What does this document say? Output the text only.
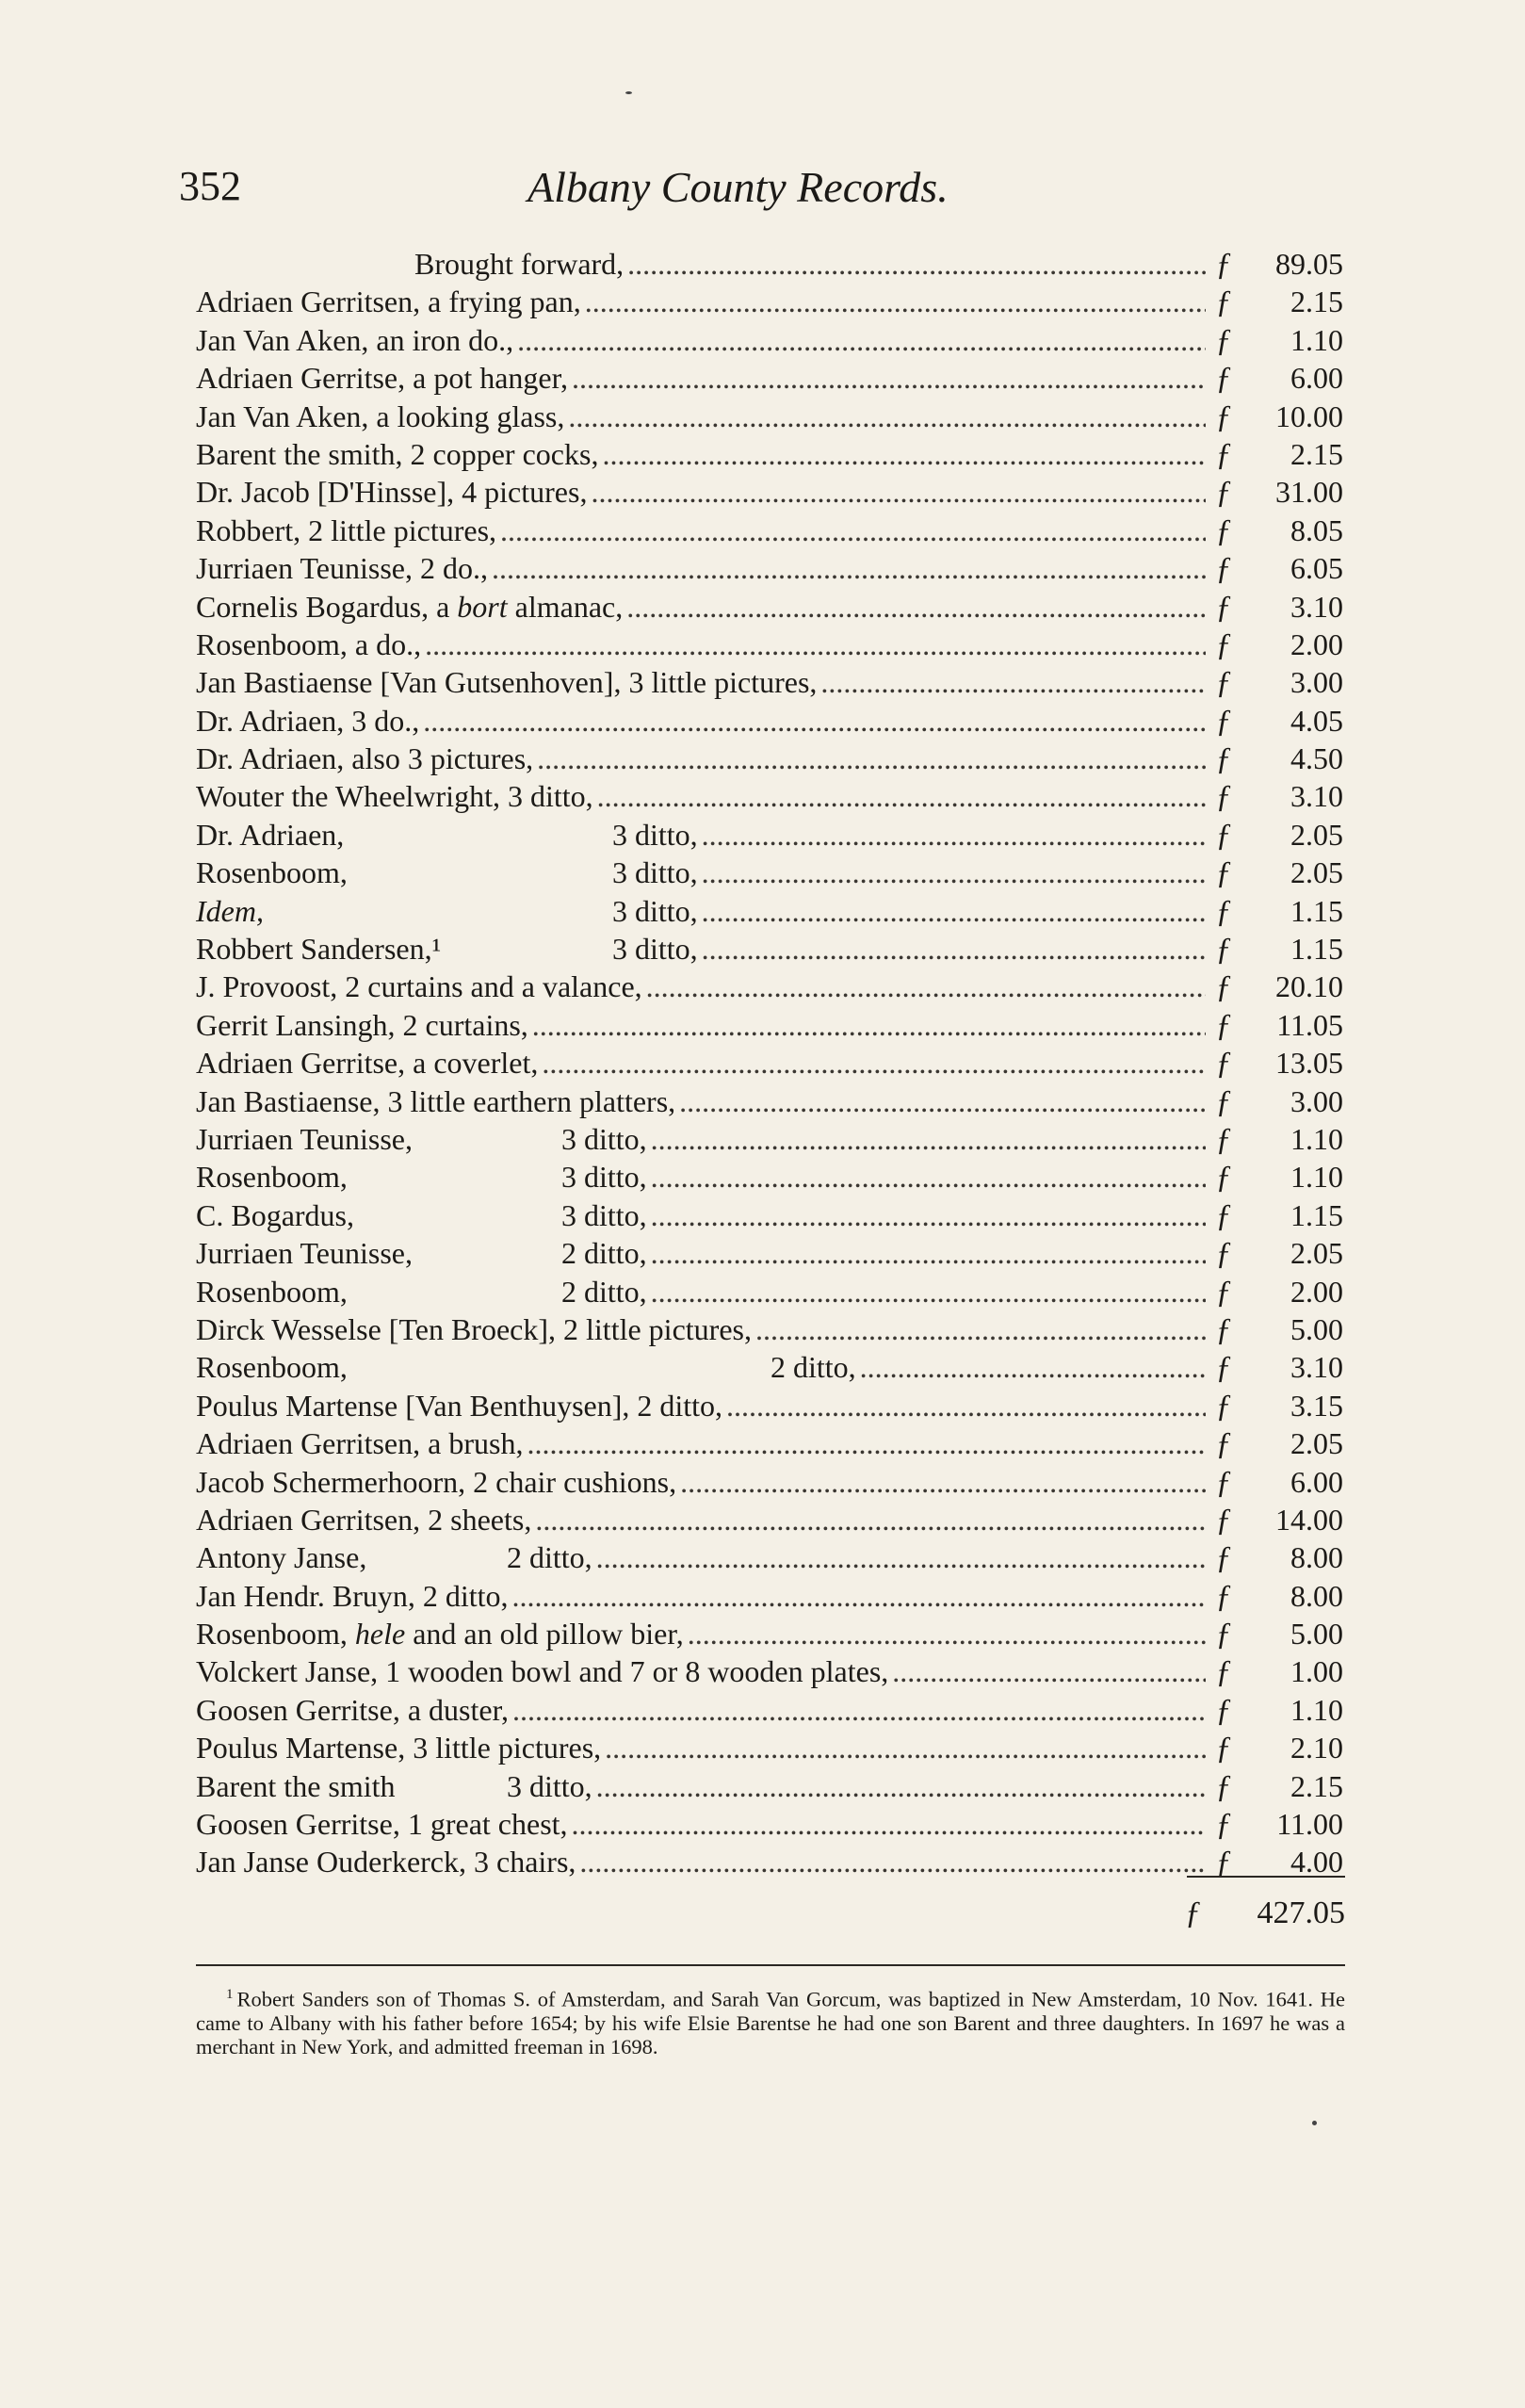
352	Albany County Records.
Brought forward, . . .	ƒ	89.05
Adriaen Gerritsen, a frying pan, . . .	ƒ	2.15
Jan Van Aken, an iron do., . . .	ƒ	1.10
Adriaen Gerritse, a pot hanger, . . .	ƒ	6.00
Jan Van Aken, a looking glass, . . .	ƒ	10.00
Barent the smith, 2 copper cocks, . . .	ƒ	2.15
Dr. Jacob [D'Hinsse], 4 pictures, . . .	ƒ	31.00
Robbert, 2 little pictures, . . .	ƒ	8.05
Jurriaen Teunisse, 2 do., . . .	ƒ	6.05
Cornelis Bogardus, a bort almanac, . . .	ƒ	3.10
Rosenboom, a do., . . .	ƒ	2.00
Jan Bastiaense [Van Gutsenhoven], 3 little pictures, . . .	ƒ	3.00
Dr. Adriaen, 3 do., . . .	ƒ	4.05
Dr. Adriaen, also 3 pictures, . . .	ƒ	4.50
Wouter the Wheelwright, 3 ditto, . . .	ƒ	3.10
Dr. Adriaen,	3 ditto, . . .	ƒ	2.05
Rosenboom,	3 ditto, . . .	ƒ	2.05
Idem,	3 ditto, . . .	ƒ	1.15
Robbert Sandersen,¹	3 ditto, . . .	ƒ	1.15
J. Provoost, 2 curtains and a valance, . . .	ƒ	20.10
Gerrit Lansingh, 2 curtains, . . .	ƒ	11.05
Adriaen Gerritse, a coverlet, . . .	ƒ	13.05
Jan Bastiaense, 3 little earthern platters, . . .	ƒ	3.00
Jurriaen Teunisse,	3 ditto, . . .	ƒ	1.10
Rosenboom,	3 ditto, . . .	ƒ	1.10
C. Bogardus,	3 ditto, . . .	ƒ	1.15
Jurriaen Teunisse,	2 ditto, . . .	ƒ	2.05
Rosenboom,	2 ditto, . . .	ƒ	2.00
Dirck Wesselse [Ten Broeck], 2 little pictures, . . .	ƒ	5.00
Rosenboom,	2 ditto, . . .	ƒ	3.10
Poulus Martense [Van Benthuysen], 2 ditto, . . .	ƒ	3.15
Adriaen Gerritsen, a brush, . . .	ƒ	2.05
Jacob Schermerhoorn, 2 chair cushions, . . .	ƒ	6.00
Adriaen Gerritsen, 2 sheets, . . .	ƒ	14.00
Antony Janse,	2 ditto, . . .	ƒ	8.00
Jan Hendr. Bruyn, 2 ditto, . . .	ƒ	8.00
Rosenboom, hele and an old pillow bier, . . .	ƒ	5.00
Volckert Janse, 1 wooden bowl and 7 or 8 wooden plates, . . .	ƒ	1.00
Goosen Gerritse, a duster, . . .	ƒ	1.10
Poulus Martense, 3 little pictures, . . .	ƒ	2.10
Barent the smith	3 ditto, . . .	ƒ	2.15
Goosen Gerritse, 1 great chest, . . .	ƒ	11.00
Jan Janse Ouderkerck, 3 chairs, . . .	ƒ	4.00
ƒ 427.05
$^1$ Robert Sanders son of Thomas S. of Amsterdam, and Sarah Van Gorcum, was baptized in New Amsterdam, 10 Nov. 1641. He came to Albany with his father before 1654; by his wife Elsie Barentse he had one son Barent and three daughters. In 1697 he was a merchant in New York, and admitted freeman in 1698.
